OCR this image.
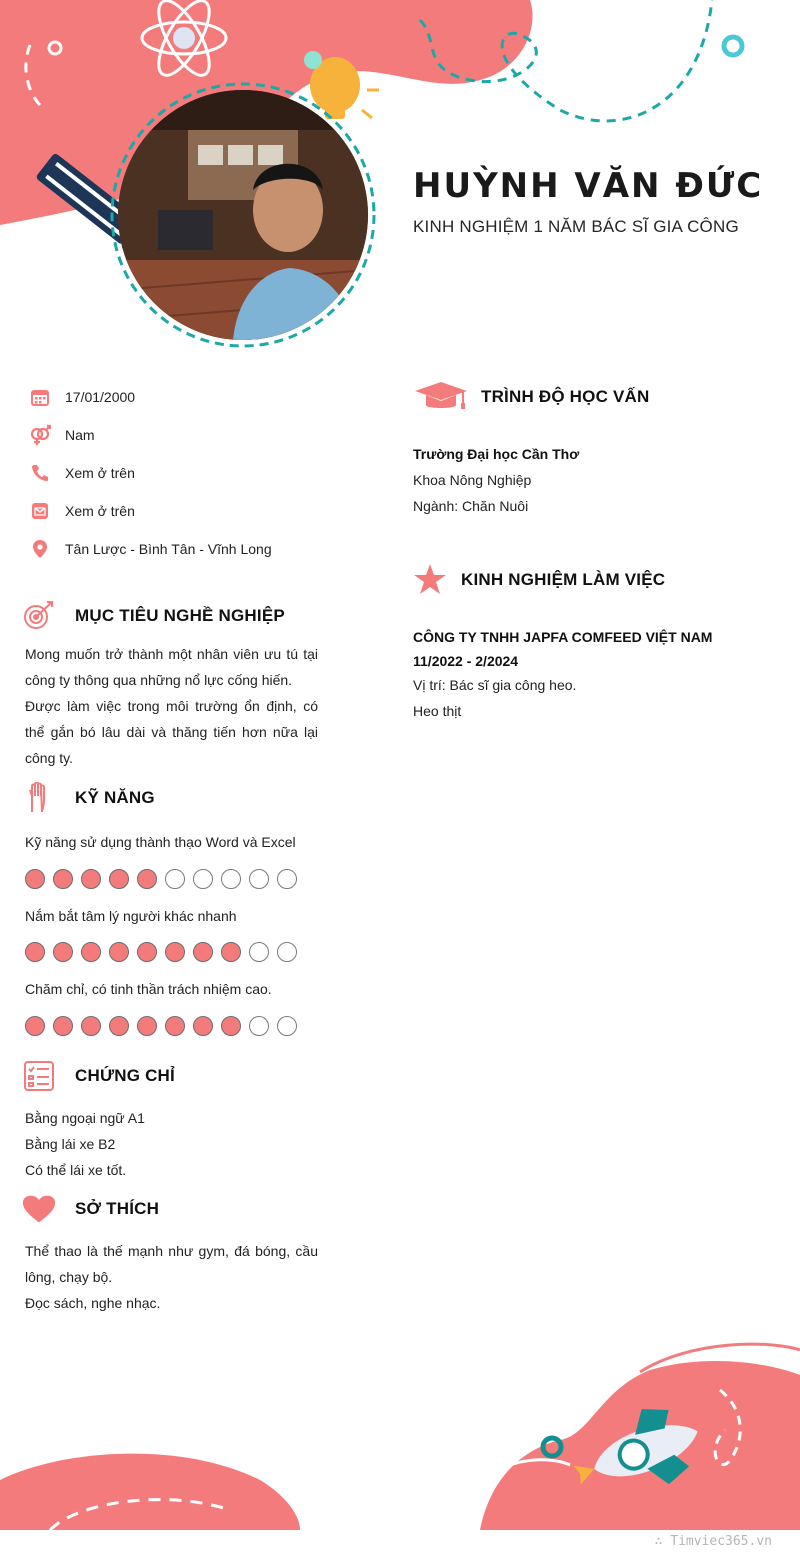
HUỲNH VĂN ĐỨC
KINH NGHIỆM 1 NĂM BÁC SĨ GIA CÔNG
17/01/2000
Nam
Xem ở trên
Xem ở trên
Tân Lược - Bình Tân - Vĩnh Long
MỤC TIÊU NGHỀ NGHIỆP
Mong muốn trở thành một nhân viên ưu tú tại công ty thông qua những nổ lực cống hiến.
Được làm việc trong môi trường ổn định, có thể gắn bó lâu dài và thăng tiến hơn nữa lại công ty.
KỸ NĂNG
Kỹ năng sử dụng thành thạo Word và Excel
Nắm bắt tâm lý người khác nhanh
Chăm chỉ, có tinh thần trách nhiệm cao.
CHỨNG CHỈ
Bằng ngoại ngữ A1
Bằng lái xe B2
Có thể lái xe tốt.
SỞ THÍCH
Thể thao là thế mạnh như gym, đá bóng, cầu lông, chạy bộ.
Đọc sách, nghe nhạc.
TRÌNH ĐỘ HỌC VẤN
Trường Đại học Cần Thơ
Khoa Nông Nghiệp
Ngành: Chăn Nuôi
KINH NGHIỆM LÀM VIỆC
CÔNG TY TNHH JAPFA COMFEED VIỆT NAM
11/2022 - 2/2024
Vị trí: Bác sĩ gia công heo.
Heo thịt
∴ Timviec365.vn
